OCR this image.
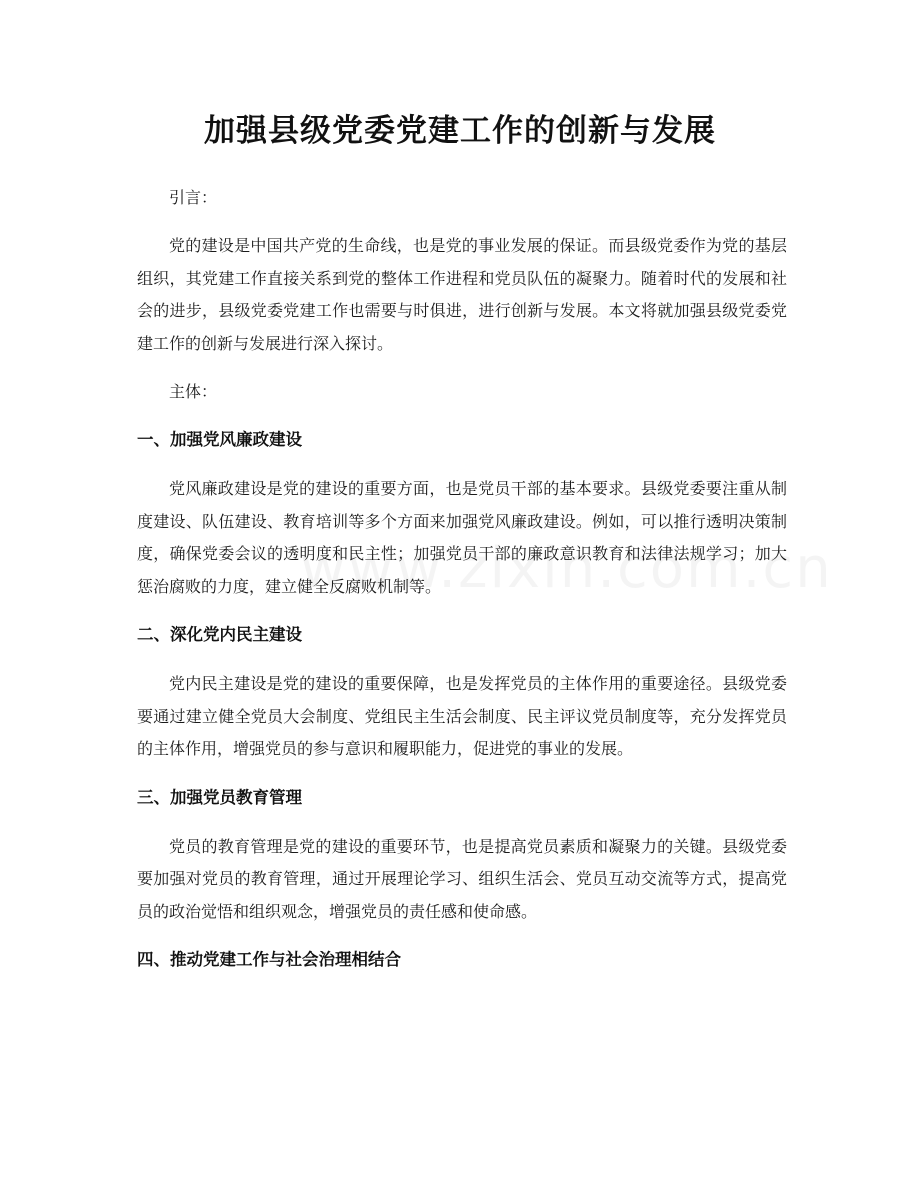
加强县级党委党建工作的创新与发展

引言：

党的建设是中国共产党的生命线，也是党的事业发展的保证。而县级党委作为党的基层组织，其党建工作直接关系到党的整体工作进程和党员队伍的凝聚力。随着时代的发展和社会的进步，县级党委党建工作也需要与时俱进，进行创新与发展。本文将就加强县级党委党建工作的创新与发展进行深入探讨。

主体：

一、加强党风廉政建设

党风廉政建设是党的建设的重要方面，也是党员干部的基本要求。县级党委要注重从制度建设、队伍建设、教育培训等多个方面来加强党风廉政建设。例如，可以推行透明决策制度，确保党委会议的透明度和民主性；加强党员干部的廉政意识教育和法律法规学习；加大惩治腐败的力度，建立健全反腐败机制等。

二、深化党内民主建设

党内民主建设是党的建设的重要保障，也是发挥党员的主体作用的重要途径。县级党委要通过建立健全党员大会制度、党组民主生活会制度、民主评议党员制度等，充分发挥党员的主体作用，增强党员的参与意识和履职能力，促进党的事业的发展。

三、加强党员教育管理

党员的教育管理是党的建设的重要环节，也是提高党员素质和凝聚力的关键。县级党委要加强对党员的教育管理，通过开展理论学习、组织生活会、党员互动交流等方式，提高党员的政治觉悟和组织观念，增强党员的责任感和使命感。

四、推动党建工作与社会治理相结合
